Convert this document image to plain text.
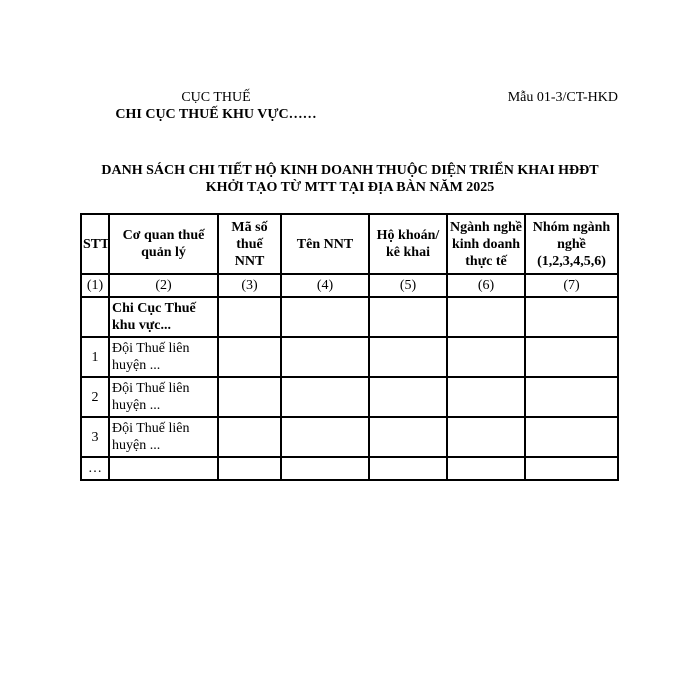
CỤC THUẾ
CHI CỤC THUẾ KHU VỰC……
Mẫu 01-3/CT-HKD
DANH SÁCH CHI TIẾT HỘ KINH DOANH THUỘC DIỆN TRIỂN KHAI HĐĐT
KHỞI TẠO TỪ MTT TẠI ĐỊA BÀN NĂM 2025
STT	Cơ quan thuế quản lý	Mã số thuế NNT	Tên NNT	Hộ khoán/ kê khai	Ngành nghề kinh doanh thực tế	Nhóm ngành nghề (1,2,3,4,5,6)
(1)	(2)	(3)	(4)	(5)	(6)	(7)
	Chi Cục Thuế khu vực...					
1	Đội Thuế liên huyện ...					
2	Đội Thuế liên huyện ...					
3	Đội Thuế liên huyện ...					
…						
